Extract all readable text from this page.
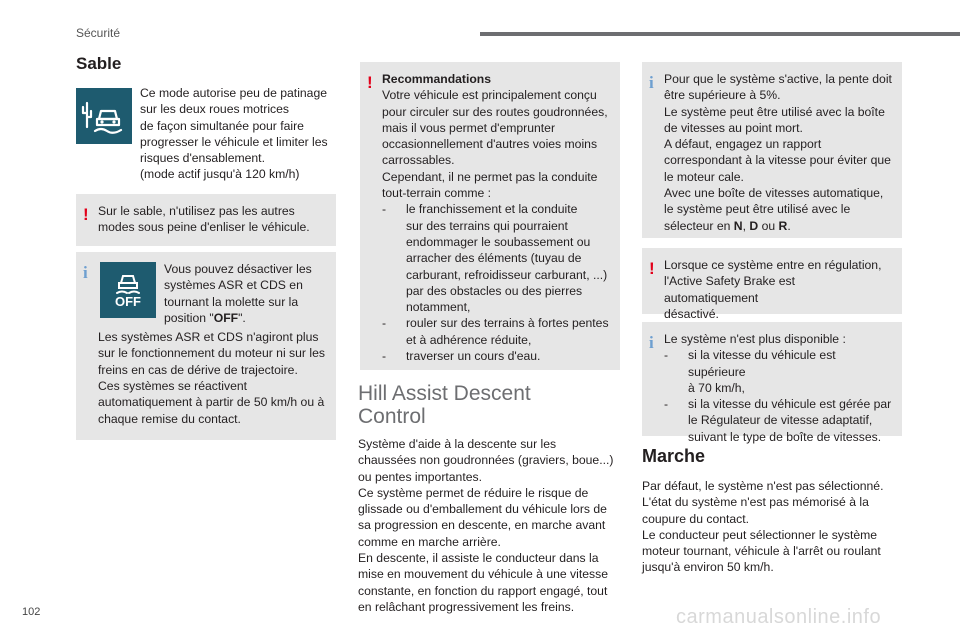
Sécurité
Sable

Ce mode autorise peu de patinage

sur les deux roues motrices

de façon simultanée pour faire

progresser le véhicule et limiter les

risques d'ensablement.

(mode actif jusqu'à 120 km/h)

! Sur le sable, n'utilisez pas les autres

modes sous peine d'enliser le véhicule.

i
OFF

Vous pouvez désactiver les

systèmes ASR et CDS en

tournant la molette sur la

position "OFF".

Les systèmes ASR et CDS n'agiront plus

sur le fonctionnement du moteur ni sur les

freins en cas de dérive de trajectoire.

Ces systèmes se réactivent

automatiquement à partir de 50 km/h ou à

chaque remise du contact.

! Recommandations

Votre véhicule est principalement conçu

pour circuler sur des routes goudronnées,

mais il vous permet d'emprunter

occasionnellement d'autres voies moins

carrossables.

Cependant, il ne permet pas la conduite

tout-terrain comme :

- le franchissement et la conduite

sur des terrains qui pourraient

endommager le soubassement ou

arracher des éléments (tuyau de

carburant, refroidisseur carburant, ...)

par des obstacles ou des pierres

notamment,

- rouler sur des terrains à fortes pentes

et à adhérence réduite,

- traverser un cours d'eau.

Hill Assist Descent

Control

Système d'aide à la descente sur les

chaussées non goudronnées (graviers, boue...)

ou pentes importantes.

Ce système permet de réduire le risque de

glissade ou d'emballement du véhicule lors de

sa progression en descente, en marche avant

comme en marche arrière.

En descente, il assiste le conducteur dans la

mise en mouvement du véhicule à une vitesse

constante, en fonction du rapport engagé, tout

en relâchant progressivement les freins.

i Pour que le système s'active, la pente doit

être supérieure à 5%.

Le système peut être utilisé avec la boîte

de vitesses au point mort.

A défaut, engagez un rapport

correspondant à la vitesse pour éviter que

le moteur cale.

Avec une boîte de vitesses automatique,

le système peut être utilisé avec le

sélecteur en N, D ou R.

! Lorsque ce système entre en régulation,

l'Active Safety Brake est automatiquement

désactivé.

i Le système n'est plus disponible :

- si la vitesse du véhicule est supérieure

à 70 km/h,

- si la vitesse du véhicule est gérée par

le Régulateur de vitesse adaptatif,

suivant le type de boîte de vitesses.

Marche

Par défaut, le système n'est pas sélectionné.

L'état du système n'est pas mémorisé à la

coupure du contact.

Le conducteur peut sélectionner le système

moteur tournant, véhicule à l'arrêt ou roulant

jusqu'à environ 50 km/h.

102	carmanualsonline.info
